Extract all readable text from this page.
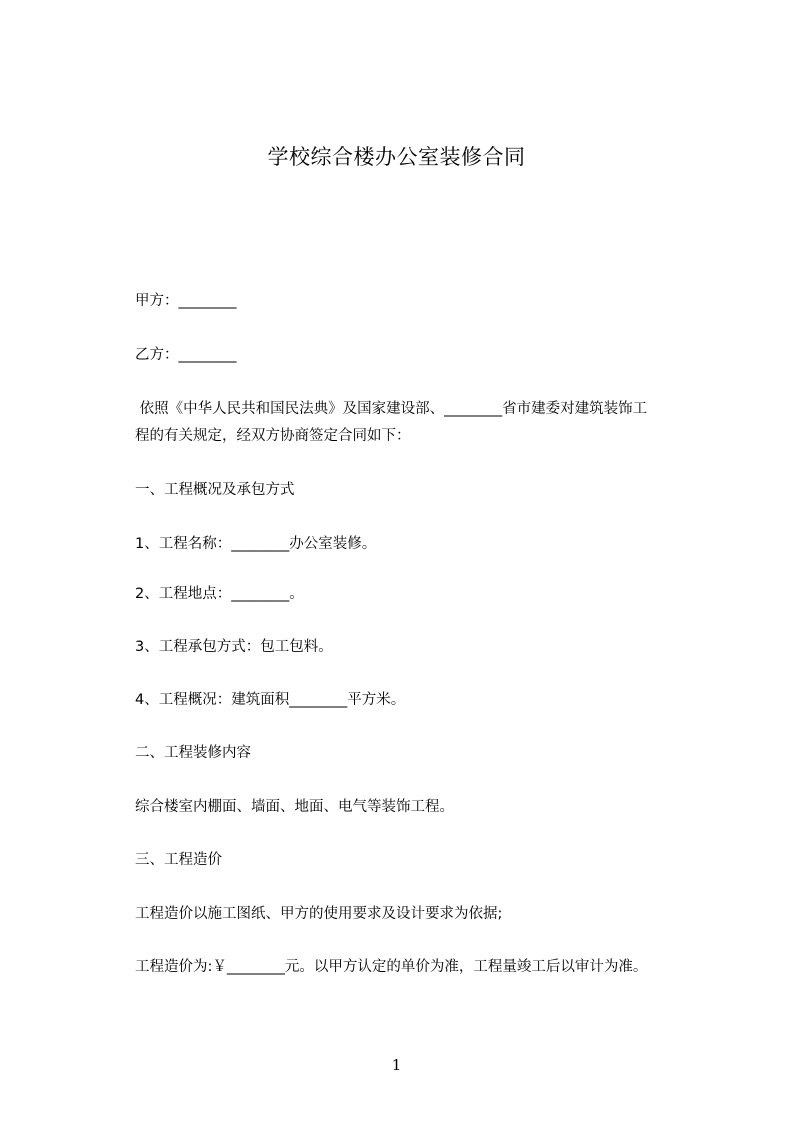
学校综合楼办公室装修合同
甲方：________
乙方：________
依照《中华人民共和国民法典》及国家建设部、________省市建委对建筑装饰工
程的有关规定，经双方协商签定合同如下：
一、工程概况及承包方式
1、工程名称：________办公室装修。
2、工程地点：________。
3、工程承包方式：包工包料。
4、工程概况：建筑面积________平方米。
二、工程装修内容
综合楼室内棚面、墙面、地面、电气等装饰工程。
三、工程造价
工程造价以施工图纸、甲方的使用要求及设计要求为依据;
工程造价为:￥________元。以甲方认定的单价为准，工程量竣工后以审计为准。
1
